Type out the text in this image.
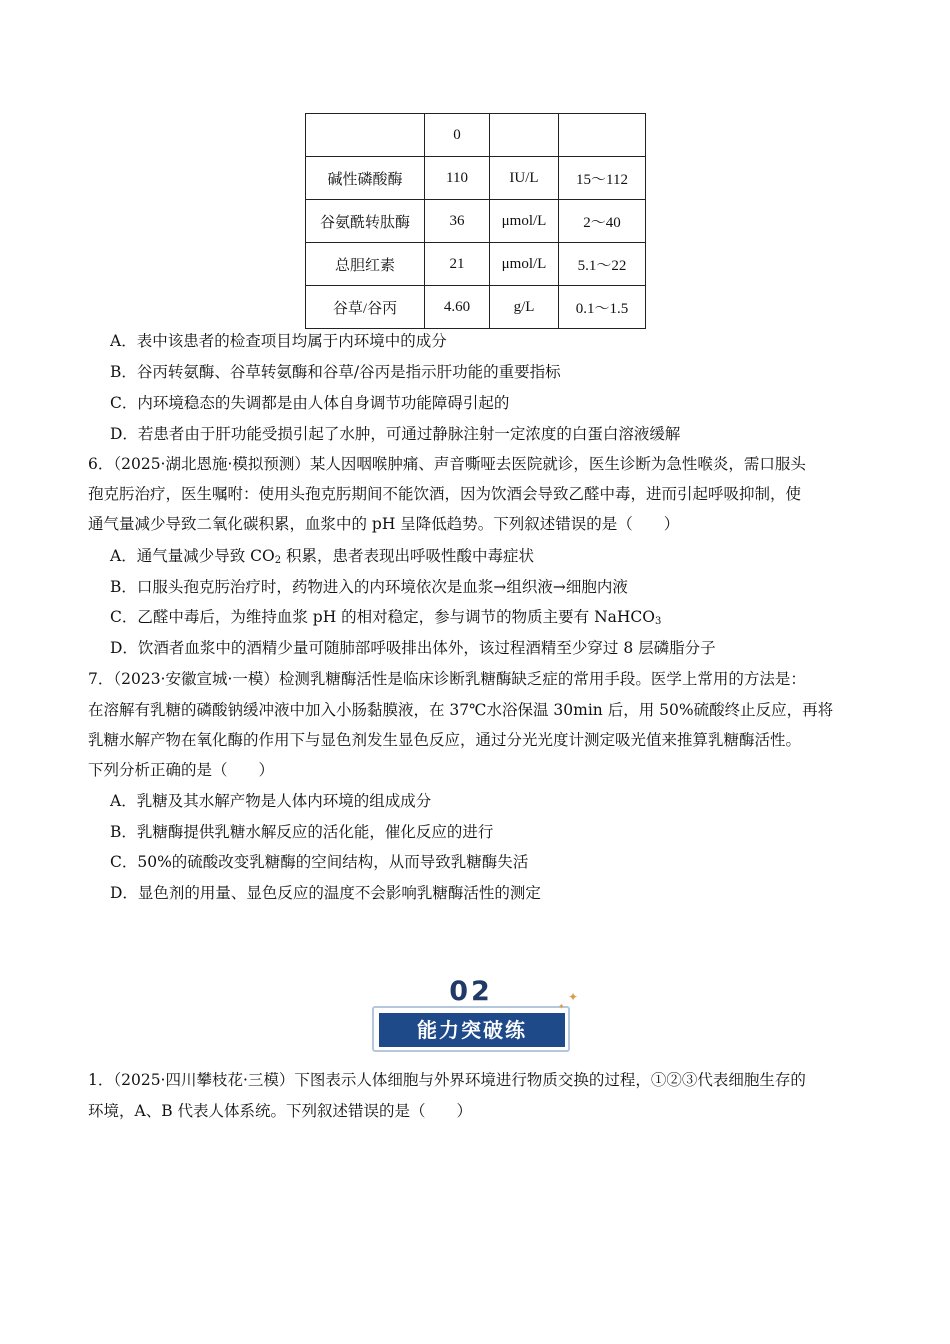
	0		
碱性磷酸酶	110	IU/L	15～112
谷氨酰转肽酶	36	μmol/L	2～40
总胆红素	21	μmol/L	5.1～22
谷草/谷丙	4.60	g/L	0.1～1.5
A．表中该患者的检查项目均属于内环境中的成分
B．谷丙转氨酶、谷草转氨酶和谷草/谷丙是指示肝功能的重要指标
C．内环境稳态的失调都是由人体自身调节功能障碍引起的
D．若患者由于肝功能受损引起了水肿，可通过静脉注射一定浓度的白蛋白溶液缓解
6．（2025·湖北恩施·模拟预测）某人因咽喉肿痛、声音嘶哑去医院就诊，医生诊断为急性喉炎，需口服头
孢克肟治疗，医生嘱咐：使用头孢克肟期间不能饮酒，因为饮酒会导致乙醛中毒，进而引起呼吸抑制，使
通气量减少导致二氧化碳积累，血浆中的 pH 呈降低趋势。下列叙述错误的是（　　）
A．通气量减少导致 $CO_2$ 积累，患者表现出呼吸性酸中毒症状
B．口服头孢克肟治疗时，药物进入的内环境依次是血浆→组织液→细胞内液
C．乙醛中毒后，为维持血浆 pH 的相对稳定，参与调节的物质主要有 NaHCO$_3$
D．饮酒者血浆中的酒精少量可随肺部呼吸排出体外，该过程酒精至少穿过 8 层磷脂分子
7．（2023·安徽宣城·一模）检测乳糖酶活性是临床诊断乳糖酶缺乏症的常用手段。医学上常用的方法是：
在溶解有乳糖的磷酸钠缓冲液中加入小肠黏膜液，在 37℃水浴保温 30min 后，用 50%硫酸终止反应，再将
乳糖水解产物在氧化酶的作用下与显色剂发生显色反应，通过分光光度计测定吸光值来推算乳糖酶活性。
下列分析正确的是（　　）
A．乳糖及其水解产物是人体内环境的组成成分
B．乳糖酶提供乳糖水解反应的活化能，催化反应的进行
C．50%的硫酸改变乳糖酶的空间结构，从而导致乳糖酶失活
D．显色剂的用量、显色反应的温度不会影响乳糖酶活性的测定
02
能力突破练
✦
✦
1．（2025·四川攀枝花·三模）下图表示人体细胞与外界环境进行物质交换的过程，①②③代表细胞生存的
环境，A、B 代表人体系统。下列叙述错误的是（　　）
